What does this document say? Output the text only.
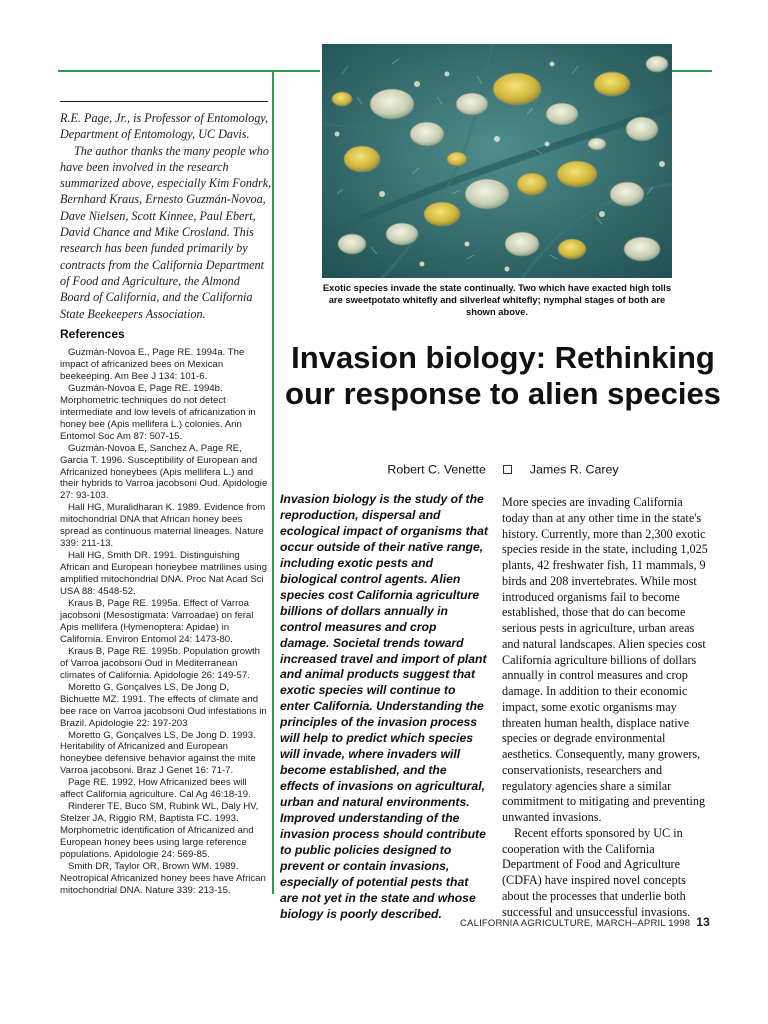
R.E. Page, Jr., is Professor of Entomology, Department of Entomology, UC Davis.

The author thanks the many people who have been involved in the research summarized above, especially Kim Fondrk, Bernhard Kraus, Ernesto Guzmán-Novoa, Dave Nielsen, Scott Kinnee, Paul Ebert, David Chance and Mike Crosland. This research has been funded primarily by contracts from the California Department of Food and Agriculture, the Almond Board of California, and the California State Beekeepers Association.

References

Guzmán-Novoa E., Page RE. 1994a. The impact of africanized bees on Mexican beekeeping. Am Bee J 134: 101-6.

Guzmán-Novoa E, Page RE. 1994b. Morphometric techniques do not detect intermediate and low levels of africanization in honey bee (Apis mellifera L.) colonies. Ann Entomol Soc Am 87: 507-15.

Guzmán-Novoa E, Sanchez A, Page RE, Garcia T. 1996. Susceptibility of European and Africanized honeybees (Apis mellifera L.) and their hybrids to Varroa jacobsoni Oud. Apidologie 27: 93-103.

Hall HG, Muralidharan K. 1989. Evidence from mitochondrial DNA that African honey bees spread as continuous maternal lineages. Nature 339: 211-13.

Hall HG, Smith DR. 1991. Distinguishing African and European honeybee matrilines using amplified mitochondrial DNA. Proc Nat Acad Sci USA 88: 4548-52.

Kraus B, Page RE. 1995a. Effect of Varroa jacobsoni (Mesostigmata: Varroadae) on feral Apis mellifera (Hymenoptera: Apidae) in California. Environ Entomol 24: 1473-80.

Kraus B, Page RE. 1995b. Population growth of Varroa jacobsoni Oud in Mediterranean climates of California. Apidologie 26: 149-57.

Moretto G, Gonçalves LS, De Jong D, Bichuette MZ. 1991. The effects of climate and bee race on Varroa jacobsoni Oud infestations in Brazil. Apidologie 22: 197-203

Moretto G, Gonçalves LS, De Jong D. 1993. Heritability of Africanized and European honeybee defensive behavior against the mite Varroa jacobsoni. Braz J Genet 16: 71-7.

Page RE. 1992. How Africanized bees will affect California agriculture. Cal Ag 46:18-19.

Rinderer TE, Buco SM, Rubink WL, Daly HV, Stelzer JA, Riggio RM, Baptista FC. 1993. Morphometric identification of Africanized and European honey bees using large reference populations. Apidologie 24: 569-85.

Smith DR, Taylor OR, Brown WM. 1989. Neotropical Africanized honey bees have African mitochondrial DNA. Nature 339: 213-15.

Exotic species invade the state continually. Two which have exacted high tolls are sweetpotato whitefly and silverleaf whitefly; nymphal stages of both are shown above.
Invasion biology: Rethinking our response to alien species
Robert C. Venette	James R. Carey
Invasion biology is the study of the reproduction, dispersal and ecological impact of organisms that occur outside of their native range, including exotic pests and biological control agents. Alien species cost California agriculture billions of dollars annually in control measures and crop damage. Societal trends toward increased travel and import of plant and animal products suggest that exotic species will continue to enter California. Understanding the principles of the invasion process will help to predict which species will invade, where invaders will become established, and the effects of invasions on agricultural, urban and natural environments. Improved understanding of the invasion process should contribute to public policies designed to prevent or contain invasions, especially of potential pests that are not yet in the state and whose biology is poorly described.

More species are invading California today than at any other time in the state's history. Currently, more than 2,300 exotic species reside in the state, including 1,025 plants, 42 freshwater fish, 11 mammals, 9 birds and 208 invertebrates. While most introduced organisms fail to become established, those that do can become serious pests in agriculture, urban areas and natural landscapes. Alien species cost California agriculture billions of dollars annually in control measures and crop damage. In addition to their economic impact, some exotic organisms may threaten human health, displace native species or degrade environmental aesthetics. Consequently, many growers, conservationists, researchers and regulatory agencies share a similar commitment to mitigating and preventing unwanted invasions.

Recent efforts sponsored by UC in cooperation with the California Department of Food and Agriculture (CDFA) have inspired novel concepts about the processes that underlie both successful and unsuccessful invasions.

CALIFORNIA AGRICULTURE, MARCH–APRIL 1998 13
